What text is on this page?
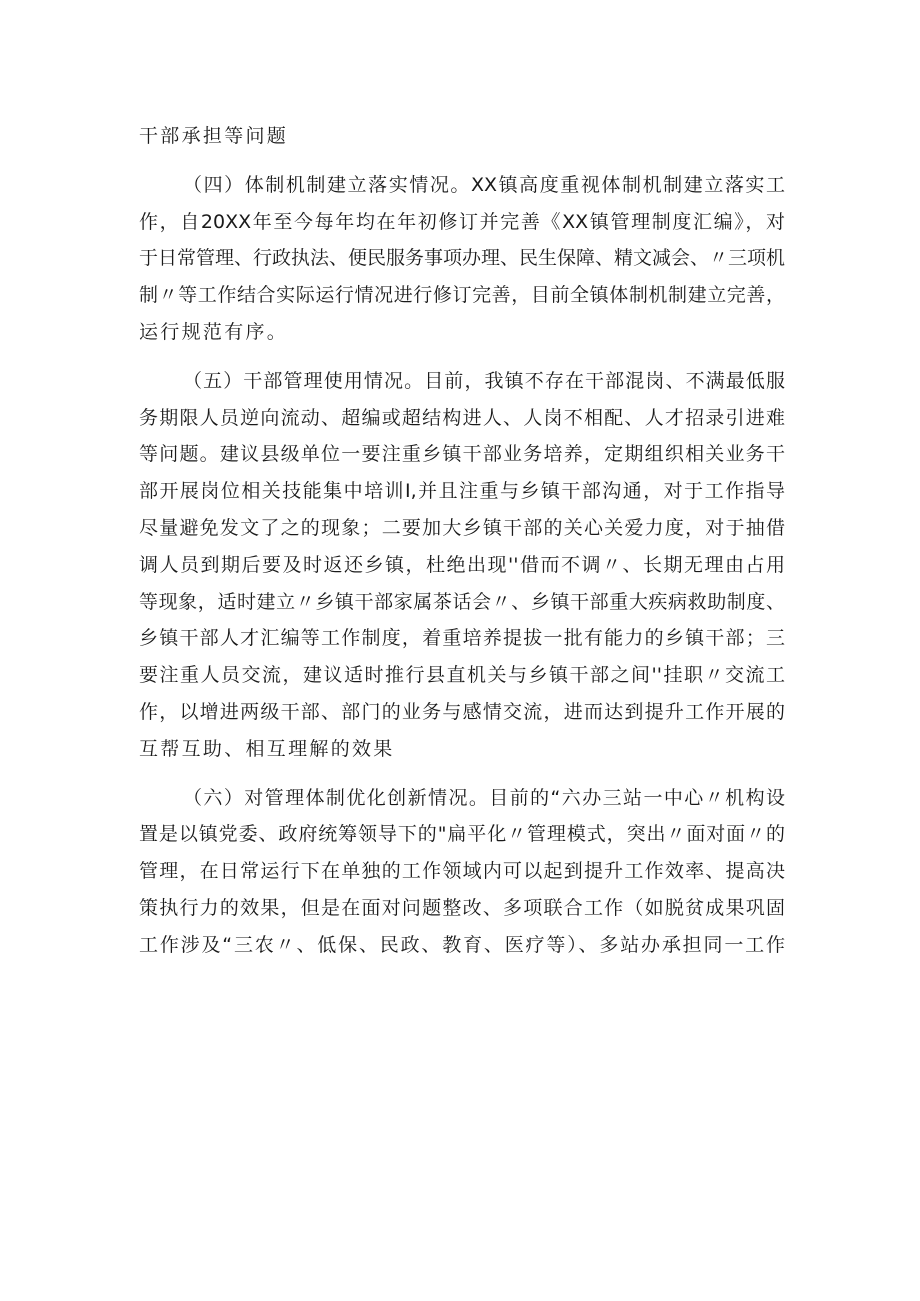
干部承担等问题
（四）体制机制建立落实情况。XX镇高度重视体制机制建立落实工
作，自20XX年至今每年均在年初修订并完善《XX镇管理制度汇编》，对
于日常管理、行政执法、便民服务事项办理、民生保障、精文减会、〃三项机
制〃等工作结合实际运行情况进行修订完善，目前全镇体制机制建立完善，
运行规范有序。
（五）干部管理使用情况。目前，我镇不存在干部混岗、不满最低服
务期限人员逆向流动、超编或超结构进人、人岗不相配、人才招录引进难
等问题。建议县级单位一要注重乡镇干部业务培养，定期组织相关业务干
部开展岗位相关技能集中培训I,并且注重与乡镇干部沟通，对于工作指导
尽量避免发文了之的现象；二要加大乡镇干部的关心关爱力度，对于抽借
调人员到期后要及时返还乡镇，杜绝出现''借而不调〃、长期无理由占用
等现象，适时建立〃乡镇干部家属茶话会〃、乡镇干部重大疾病救助制度、
乡镇干部人才汇编等工作制度，着重培养提拔一批有能力的乡镇干部；三
要注重人员交流，建议适时推行县直机关与乡镇干部之间''挂职〃交流工
作，以增进两级干部、部门的业务与感情交流，进而达到提升工作开展的
互帮互助、相互理解的效果
（六）对管理体制优化创新情况。目前的“六办三站一中心〃机构设
置是以镇党委、政府统筹领导下的"扁平化〃管理模式，突出〃面对面〃的
管理，在日常运行下在单独的工作领域内可以起到提升工作效率、提高决
策执行力的效果，但是在面对问题整改、多项联合工作（如脱贫成果巩固
工作涉及“三农〃、低保、民政、教育、医疗等）、多站办承担同一工作
